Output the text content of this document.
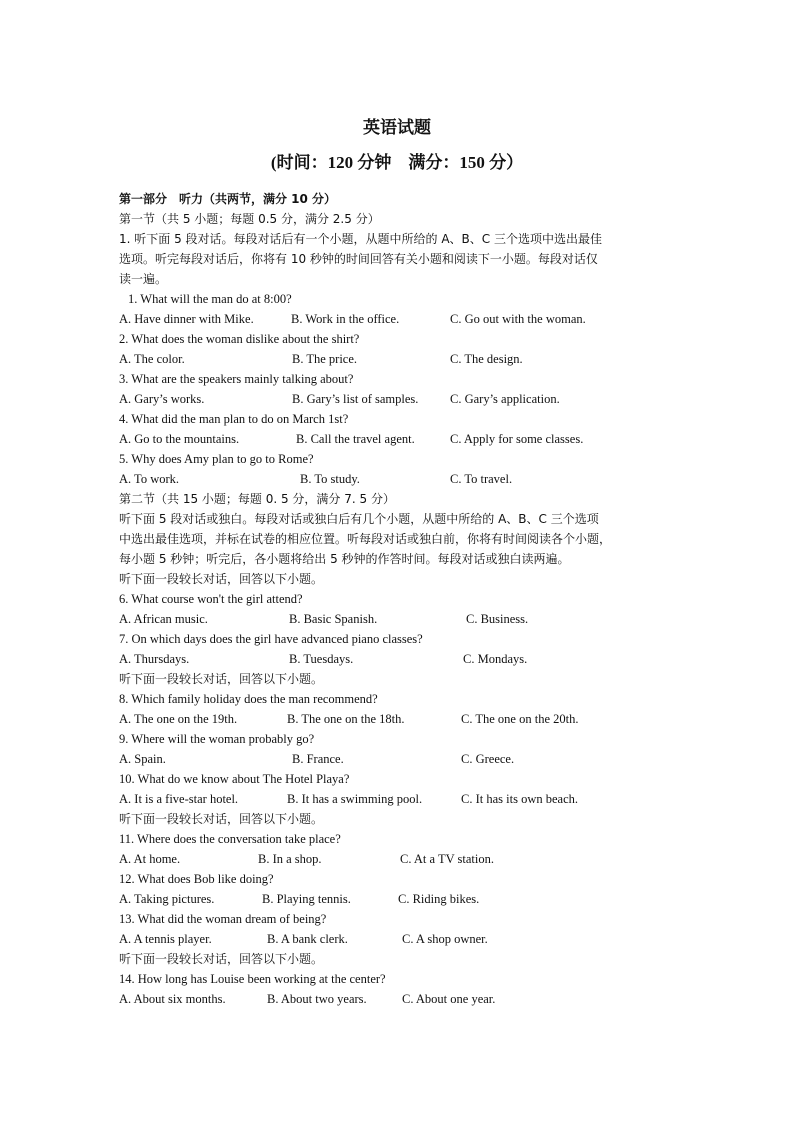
英语试题
(时间：120 分钟　满分：150 分）
第一部分　听力（共两节，满分 10 分）
第一节（共 5 小题；每题 0.5 分，满分 2.5 分）
1. 听下面 5 段对话。每段对话后有一个小题，从题中所给的 A、B、C 三个选项中选出最佳
选项。听完每段对话后，你将有 10 秒钟的时间回答有关小题和阅读下一小题。每段对话仅
读一遍。
1. What will the man do at 8:00?
A. Have dinner with Mike.	B. Work in the office.	C. Go out with the woman.
2. What does the woman dislike about the shirt?
A. The color.	B. The price.	C. The design.
3. What are the speakers mainly talking about?
A. Gary’s works.	B. Gary’s list of samples.	C. Gary’s application.
4. What did the man plan to do on March 1st?
A. Go to the mountains.	B. Call the travel agent.	C. Apply for some classes.
5. Why does Amy plan to go to Rome?
A. To work.	B. To study.	C. To travel.
第二节（共 15 小题；每题 0. 5 分，满分 7. 5 分）
听下面 5 段对话或独白。每段对话或独白后有几个小题，从题中所给的 A、B、C 三个选项
中选出最佳选项，并标在试卷的相应位置。听每段对话或独白前，你将有时间阅读各个小题，
每小题 5 秒钟；听完后，各小题将给出 5 秒钟的作答时间。每段对话或独白读两遍。
听下面一段较长对话，回答以下小题。
6. What course won't the girl attend?
A. African music.	B. Basic Spanish.	C. Business.
7. On which days does the girl have advanced piano classes?
A. Thursdays.	B. Tuesdays.	C. Mondays.
听下面一段较长对话，回答以下小题。
8. Which family holiday does the man recommend?
A. The one on the 19th.	B. The one on the 18th.	C. The one on the 20th.
9. Where will the woman probably go?
A. Spain.	B. France.	C. Greece.
10. What do we know about The Hotel Playa?
A. It is a five-star hotel.	B. It has a swimming pool.	C. It has its own beach.
听下面一段较长对话，回答以下小题。
11. Where does the conversation take place?
A. At home.	B. In a shop.	C. At a TV station.
12. What does Bob like doing?
A. Taking pictures.	B. Playing tennis.	C. Riding bikes.
13. What did the woman dream of being?
A. A tennis player.	B. A bank clerk.	C. A shop owner.
听下面一段较长对话，回答以下小题。
14. How long has Louise been working at the center?
A. About six months.	B. About two years.	C. About one year.
